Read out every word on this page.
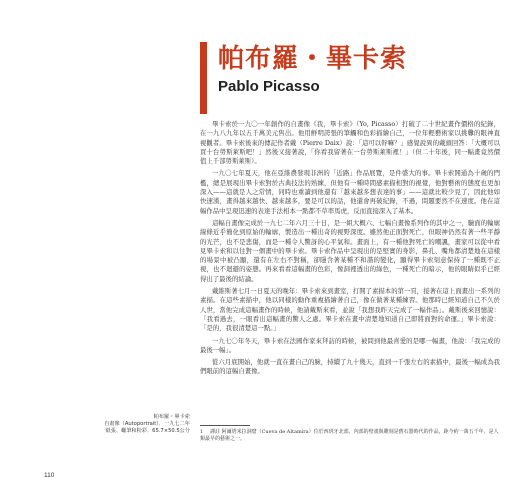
帕布羅・畢卡索
Pablo Picasso

畢卡索於一九〇一年創作的自畫像《我，畢卡索》（Yo, Picasso）打破了二十世紀畫作價格的紀錄，在一九八九年以五千萬美元售出。他用鮮明誇張的筆觸和色彩描繪自己，一位年輕藝術家以挑釁的眼神直視觀者。畢卡索後來的傳記作者戴（Pierre Daix）說：「這可以幹嘛？」感覺說異的戴頭回答：「大概可以買十台勞斯萊斯吧！」然後又接著說，「你看我留著在一台勞斯萊斯裡！」（但二十年後，同一幅畫竟然價值上千部勞斯萊斯）。

一九〇七年夏天，他在亞維農發現非洲的「近路」作品展覽，是件盛大的事。畢卡索開通為十歲的門檻，總是展現出畢卡索對於古典技法的熟練，但他有一種時間感素描相對的視覺，他對藝術的態度也更加深入——這就是人之常情，同時也重讀到他還有「越來越多想表達的事」——這就比較少見了，因此他如快速漢，畫得越來越快、越來越多，要是可以的話，他還會再破紀錄，不過，問題要然不在速度。他在這幅作品中呈現迅速的表達手法相本一點都不草率馬虎，反而直接深入了基本。

這幅自畫像完成於一九七二年六月三十日，是一組大概六、七幅自畫像系列作的其中之一，驗面的輪廓線條近乎簡化到原始的輪廓，製造出一種出奇的視野深度。雖然他正面對死亡，但眼神仍然有著一些平靜的光芒，也不是悲傷，而是一種令人驚訝的心平氣和。畫面上，有一種他對死亡的嘲諷，畫家可以從中看見畢卡索和以往對一個畫中的畢卡索。畢卡索作品中呈現出的是堅實的身影，鼻孔、嘴角都清楚地在這樣的場景中被凸顯，還有在左右不對稱，卻隱含著某種不和諧的變化，顯得畢卡索刻意保持了一種既不正視，也不迴避的姿態。再來看看這幅畫的色彩，像洞裡透出的綠色，一種死亡的暗示，他的眼睛似乎已經得出了最後的結論。

戴維斯著七月一日夏天的晚年：畢卡索來到畫室，打開了素描本的第一頁，接著在這上面畫出一系列的素描。在這些素描中，他以同樣的動作重複描繪著自己，像在做著某種練習。他那時已經知道自己不久於人世，當他完成這幅畫作的時候，他請戴斯來看，並說「我想我昨天完成了一幅作品」。戴斯後來回憶說：「我看過去，一眼看出這幅畫的驚人之處。畢卡索在畫中清楚地知道自己即將面對的命運。」畢卡索說：「是的，我很清楚這一點。」

一九七〇年冬天，畢卡索在法國作家來拜訪的時候，被問到他最喜愛的是哪一幅畫，他說：「我完成的最後一幅」。

從六月底開始，他就一直在畫自己的臉，持續了九十幾天，直到一千張左右的素描中，最後一幅成為我們眼前的這幅自畫像。

帕布羅・畢卡索
自畫像（Autoportrait）．一九七二年
紙張、蠟筆和粉彩．65.7×50.5公分 1 譯註 阿爾塔米拉洞窟（Cueva de Altamira）位於西班牙北部，內部的壁畫與雕刻是舊石器時代的作品，距今約一萬五千年，是人類最早的藝術之一。
110
